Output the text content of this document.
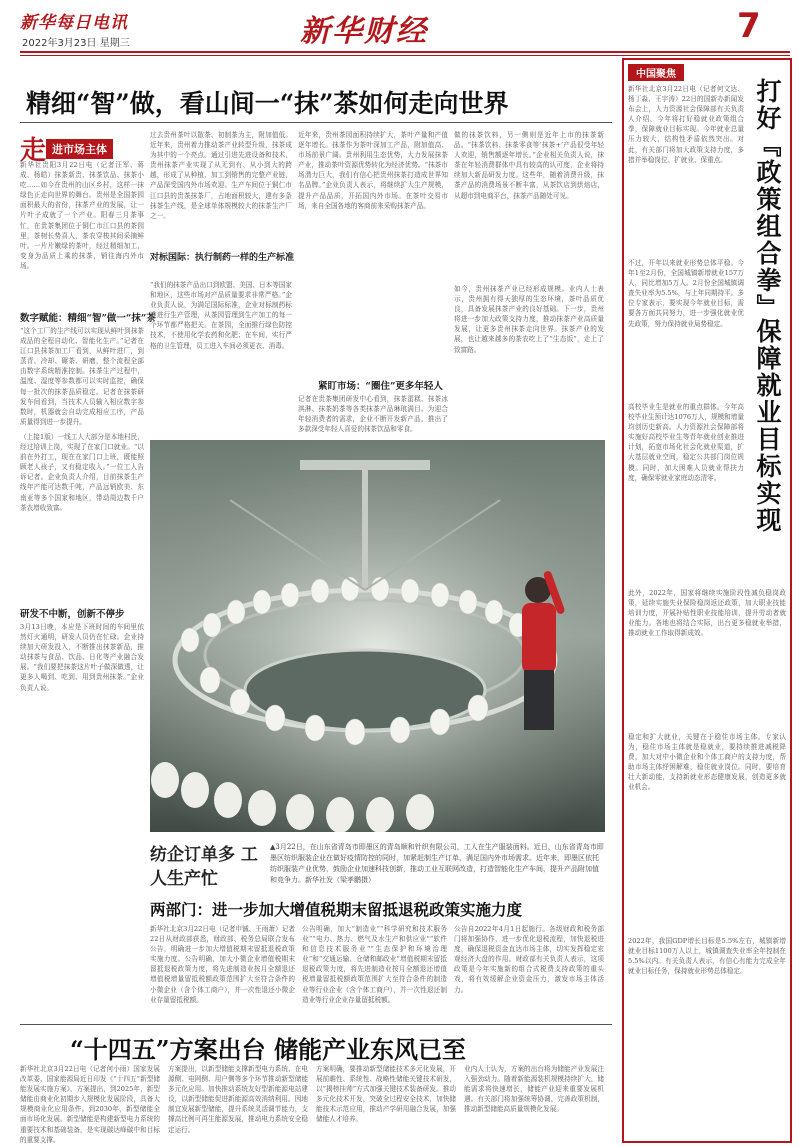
新华每日电讯
2022年3月23日 星期三	新华财经	7
精细“智”做，看山间一“抹”茶如何走向世界
走 进市场主体
新华社贵阳3月22日电（记者汪军、蒋成、杨皓）抹茶新贵、抹茶饮品、抹茶小吃……如今在贵州的山区乡村，这样一抹绿色正走向世界的舞台。贵州是全国茶园面积最大的省份，抹茶产业的发展，让一片叶子成就了一个产业。阳春三月茶事忙，在贵茶集团位于铜仁市江口县的茶园里，茶树长势喜人，茶农穿梭其间采摘鲜叶。一片片嫩绿的茶叶，经过精细加工，变身为品质上乘的抹茶，销往海内外市场。
数字赋能：精细“智”做一“抹”茶
“这个工厂的生产线可以实现从鲜叶到抹茶成品的全程自动化、智能化生产。”记者在江口县抹茶加工厂看到，从鲜叶进厂，到蒸青、冷却、碾茶、研磨，整个流程全部由数字系统精准控制。抹茶生产过程中，温度、湿度等参数都可以实时监控，确保每一批次的抹茶品质稳定。记者在抹茶研发车间看到，当技术人员输入相应数字参数时，机器就会自动完成相应工序，产品质量得到进一步提升。
过去贵州茶叶以散茶、初制茶为主，附加值低。近年来，贵州着力推动茶产业转型升级，抹茶成为其中的一个亮点。通过引进先进设备和技术，贵州抹茶产业实现了从无到有、从小到大的跨越，形成了从种植、加工到销售的完整产业链，产品深受国内外市场欢迎。生产车间位于铜仁市江口县的贵茶抹茶厂，占地面积较大，建有多条抹茶生产线，是全球单体规模较大的抹茶生产厂之一。
对标国际：执行制药一样的生产标准
“我们的抹茶产品出口到欧盟、美国、日本等国家和地区，这些市场对产品质量要求非常严格。”企业负责人说，为满足国际标准，企业对标制药标准进行生产管理，从茶园管理到生产加工的每一个环节都严格把关。在茶园，全面推行绿色防控技术，不使用化学农药和化肥；在车间，实行严格的卫生管理，员工进入车间必须更衣、消毒。
近年来，贵州茶园面积持续扩大，茶叶产量和产值逐年增长。抹茶作为茶叶深加工产品，附加值高、市场前景广阔。贵州利用生态优势，大力发展抹茶产业，推动茶叶资源优势转化为经济优势。“抹茶市场潜力巨大，我们有信心把贵州抹茶打造成世界知名品牌。”企业负责人表示，将继续扩大生产规模，提升产品品质，开拓国内外市场。在茶叶交易市场，来自全国各地的客商前来采购抹茶产品。
紧盯市场：“圈住”更多年轻人
记者在贵茶集团研发中心看到，抹茶蛋糕、抹茶冰淇淋、抹茶奶茶等各类抹茶产品琳琅满目。为迎合年轻消费者的需求，企业不断开发新产品，推出了多款深受年轻人喜爱的抹茶饮品和零食。
做的抹茶饮料，另一侧则是近年上市的抹茶新品。“抹茶饮料、抹茶零食等‘抹茶+’产品很受年轻人欢迎，销售额逐年增长。”企业相关负责人说，抹茶在年轻消费群体中具有较高的认可度，企业将持续加大新品研发力度。这些年，随着消费升级，抹茶产品的消费场景不断丰富，从茶饮店到烘焙店，从超市到电商平台，抹茶产品随处可见。
如今，贵州抹茶产业已经形成规模。业内人士表示，贵州拥有得天独厚的生态环境，茶叶品质优良，具备发展抹茶产业的良好基础。下一步，贵州将进一步加大政策支持力度，推动抹茶产业高质量发展，让更多贵州抹茶走向世界。抹茶产业的发展，也让越来越多的茶农吃上了“生态饭”，走上了致富路。
（上接1版）一线工人大部分是本地村民，经过培训上岗，实现了在家门口就业。“以前在外打工，现在在家门口上班，既能照顾老人孩子，又有稳定收入。”一位工人告诉记者。企业负责人介绍，目前抹茶生产线年产能可达数千吨，产品远销欧美、东南亚等多个国家和地区，带动周边数千户茶农增收致富。
研发不中断，创新不停步
3月13日晚，本应是下班时间的车间里依然灯火通明，研发人员仍在忙碌。企业持续加大研发投入，不断推出抹茶新品，推动抹茶与食品、饮品、日化等产业融合发展。“我们要把抹茶这片叶子做深做透，让更多人喝到、吃到、用到贵州抹茶。”企业负责人说。
纺企订单多 工人生产忙
▲3月22日，在山东省青岛市即墨区的青岛顺和针织有限公司，工人在生产服装面料。近日，山东省青岛市即墨区纺织服装企业在做好疫情防控的同时，加紧赶制生产订单，满足国内外市场需求。近年来，即墨区依托纺织服装产业优势，鼓励企业加速科技创新，推动工业互联网改造，打造智能化生产车间，提升产品附加值和竞争力。新华社发（梁孝鹏摄）
两部门：进一步加大增值税期末留抵退税政策实施力度
新华社北京3月22日电（记者申铖、王雨萧）记者22日从财政部获悉，财政部、税务总局联合发布公告，明确进一步加大增值税期末留抵退税政策实施力度。公告明确，加大小微企业增值税期末留抵退税政策力度，将先进制造业按月全额退还增值税增量留抵税额政策范围扩大至符合条件的小微企业（含个体工商户），并一次性退还小微企业存量留抵税额。
公告明确，加大“制造业”“科学研究和技术服务业”“电力、热力、燃气及水生产和供应业”“软件和信息技术服务业”“生态保护和环境治理业”和“交通运输、仓储和邮政业”增值税期末留抵退税政策力度，将先进制造业按月全额退还增值税增量留抵税额政策范围扩大至符合条件的制造业等行业企业（含个体工商户），并一次性退还制造业等行业企业存量留抵税额。
公告自2022年4月1日起施行。各级财政和税务部门将加强协作，进一步优化退税流程，加快退税进度，确保退税资金直达市场主体，切实发挥稳定宏观经济大盘的作用。财政部有关负责人表示，这项政策是今年实施新的组合式税费支持政策的重头戏，将有效缓解企业资金压力，激发市场主体活力。
“十四五”方案出台 储能产业东风已至
新华社北京3月22日电（记者何小雨）国家发展改革委、国家能源局近日印发《“十四五”新型储能发展实施方案》，方案提出，到2025年，新型储能由商业化初期步入规模化发展阶段，具备大规模商业化应用条件。到2030年，新型储能全面市场化发展。新型储能是构建新型电力系统的重要技术和基础装备，是实现碳达峰碳中和目标的重要支撑。
方案提出，以新型储能支撑新型电力系统、在电源侧、电网侧、用户侧等多个环节推动新型储能多元化应用。加快推动系统友好型新能源电站建设，以新型储能促进新能源高效消纳利用。因地制宜发展新型储能，提升系统灵活调节能力，支撑高比例可再生能源发展，推动电力系统安全稳定运行。
方案明确，要推动新型储能技术多元化发展，开展前瞻性、系统性、战略性储能关键技术研发，以“揭榜挂帅”方式加强关键技术装备研发。推动多元化技术开发，突破全过程安全技术，加快储能技术示范应用，推动产学研用融合发展，加强储能人才培养。
业内人士认为，方案的出台将为储能产业发展注入强劲动力。随着新能源装机规模持续扩大，储能需求将快速增长，储能产业迎来重要发展机遇。有关部门将加强统筹协调，完善政策机制，推动新型储能高质量规模化发展。
中国聚焦
打好『政策组合拳』
保障就业目标实现
新华社北京3月22日电（记者何文达、杨丁淼、王宇涛）22日的国新办新闻发布会上，人力资源社会保障部有关负责人介绍，今年将打好稳就业政策组合拳，保障就业目标实现。今年就业总量压力较大，结构性矛盾依然突出。对此，有关部门将加大政策支持力度，多措并举稳岗位、扩就业、保重点。
不过，开年以来就业形势总体平稳。今年1至2月份，全国城镇新增就业157万人，同比增加5万人。2月份全国城镇调查失业率为5.5%，与上年同期持平。多位专家表示，要实现今年就业目标，需要各方面共同努力，进一步强化就业优先政策，努力保持就业局势稳定。
高校毕业生是就业的重点群体。今年高校毕业生预计达1076万人，规模和增量均创历史新高。人力资源社会保障部将实施好高校毕业生等青年就业创业推进计划，拓宽市场化社会化就业渠道，扩大基层就业空间，稳定公共部门岗位规模。同时，加大困难人员就业帮扶力度，确保零就业家庭动态清零。
此外，2022年，国家将继续实施阶段性减负稳岗政策，延续实施失业保险稳岗返还政策，加大职业技能培训力度，开展补贴性职业技能培训，提升劳动者就业能力。各地也将结合实际，出台更多稳就业举措，推动就业工作取得新成效。
稳定和扩大就业，关键在于稳住市场主体。专家认为，稳住市场主体就是稳就业，要持续推进减税降费，加大对中小微企业和个体工商户的支持力度，帮助市场主体纾困解难，稳住就业岗位。同时，要培育壮大新动能，支持新就业形态健康发展，创造更多就业机会。
2022年，我国GDP增长目标是5.5%左右，城镇新增就业目标1100万人以上，城镇调查失业率全年控制在5.5%以内。有关负责人表示，有信心有能力完成全年就业目标任务，保持就业形势总体稳定。
